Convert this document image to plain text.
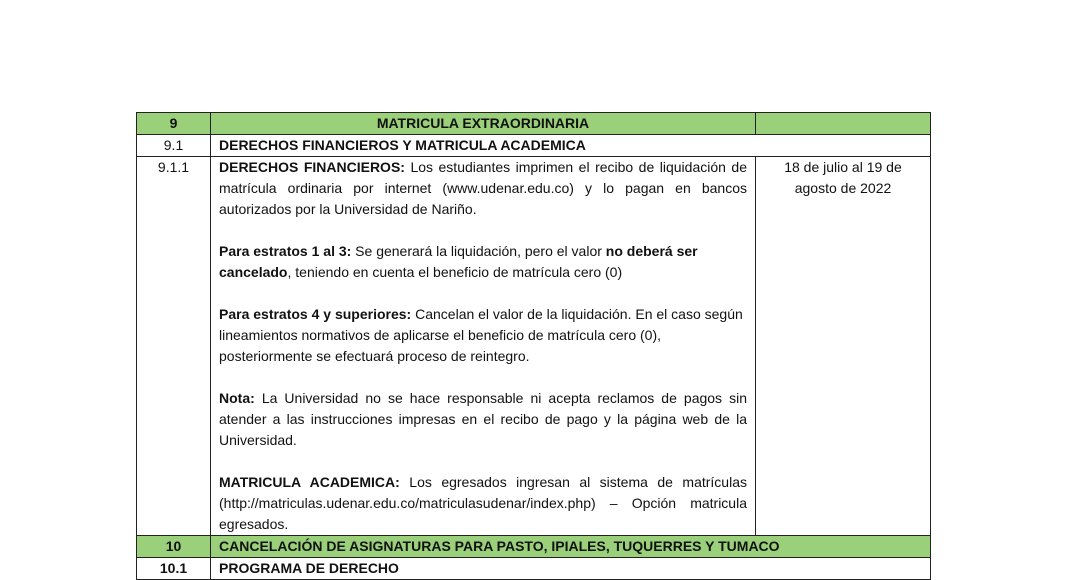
9	MATRICULA EXTRAORDINARIA	
9.1	DERECHOS FINANCIEROS Y MATRICULA ACADEMICA	
9.1.1	DERECHOS FINANCIEROS: Los estudiantes imprimen el recibo de liquidación de matrícula ordinaria por internet (www.udenar.edu.co) y lo pagan en bancos autorizados por la Universidad de Nariño.

Para estratos 1 al 3: Se generará la liquidación, pero el valor no deberá ser cancelado, teniendo en cuenta el beneficio de matrícula cero (0)

Para estratos 4 y superiores: Cancelan el valor de la liquidación. En el caso según lineamientos normativos de aplicarse el beneficio de matrícula cero (0), posteriormente se efectuará proceso de reintegro.

Nota: La Universidad no se hace responsable ni acepta reclamos de pagos sin atender a las instrucciones impresas en el recibo de pago y la página web de la Universidad.

MATRICULA ACADEMICA: Los egresados ingresan al sistema de matrículas (http://matriculas.udenar.edu.co/matriculasudenar/index.php) – Opción matricula egresados.	18 de julio al 19 de agosto de 2022
10	CANCELACIÓN DE ASIGNATURAS PARA PASTO, IPIALES, TUQUERRES Y TUMACO	
10.1	PROGRAMA DE DERECHO	
